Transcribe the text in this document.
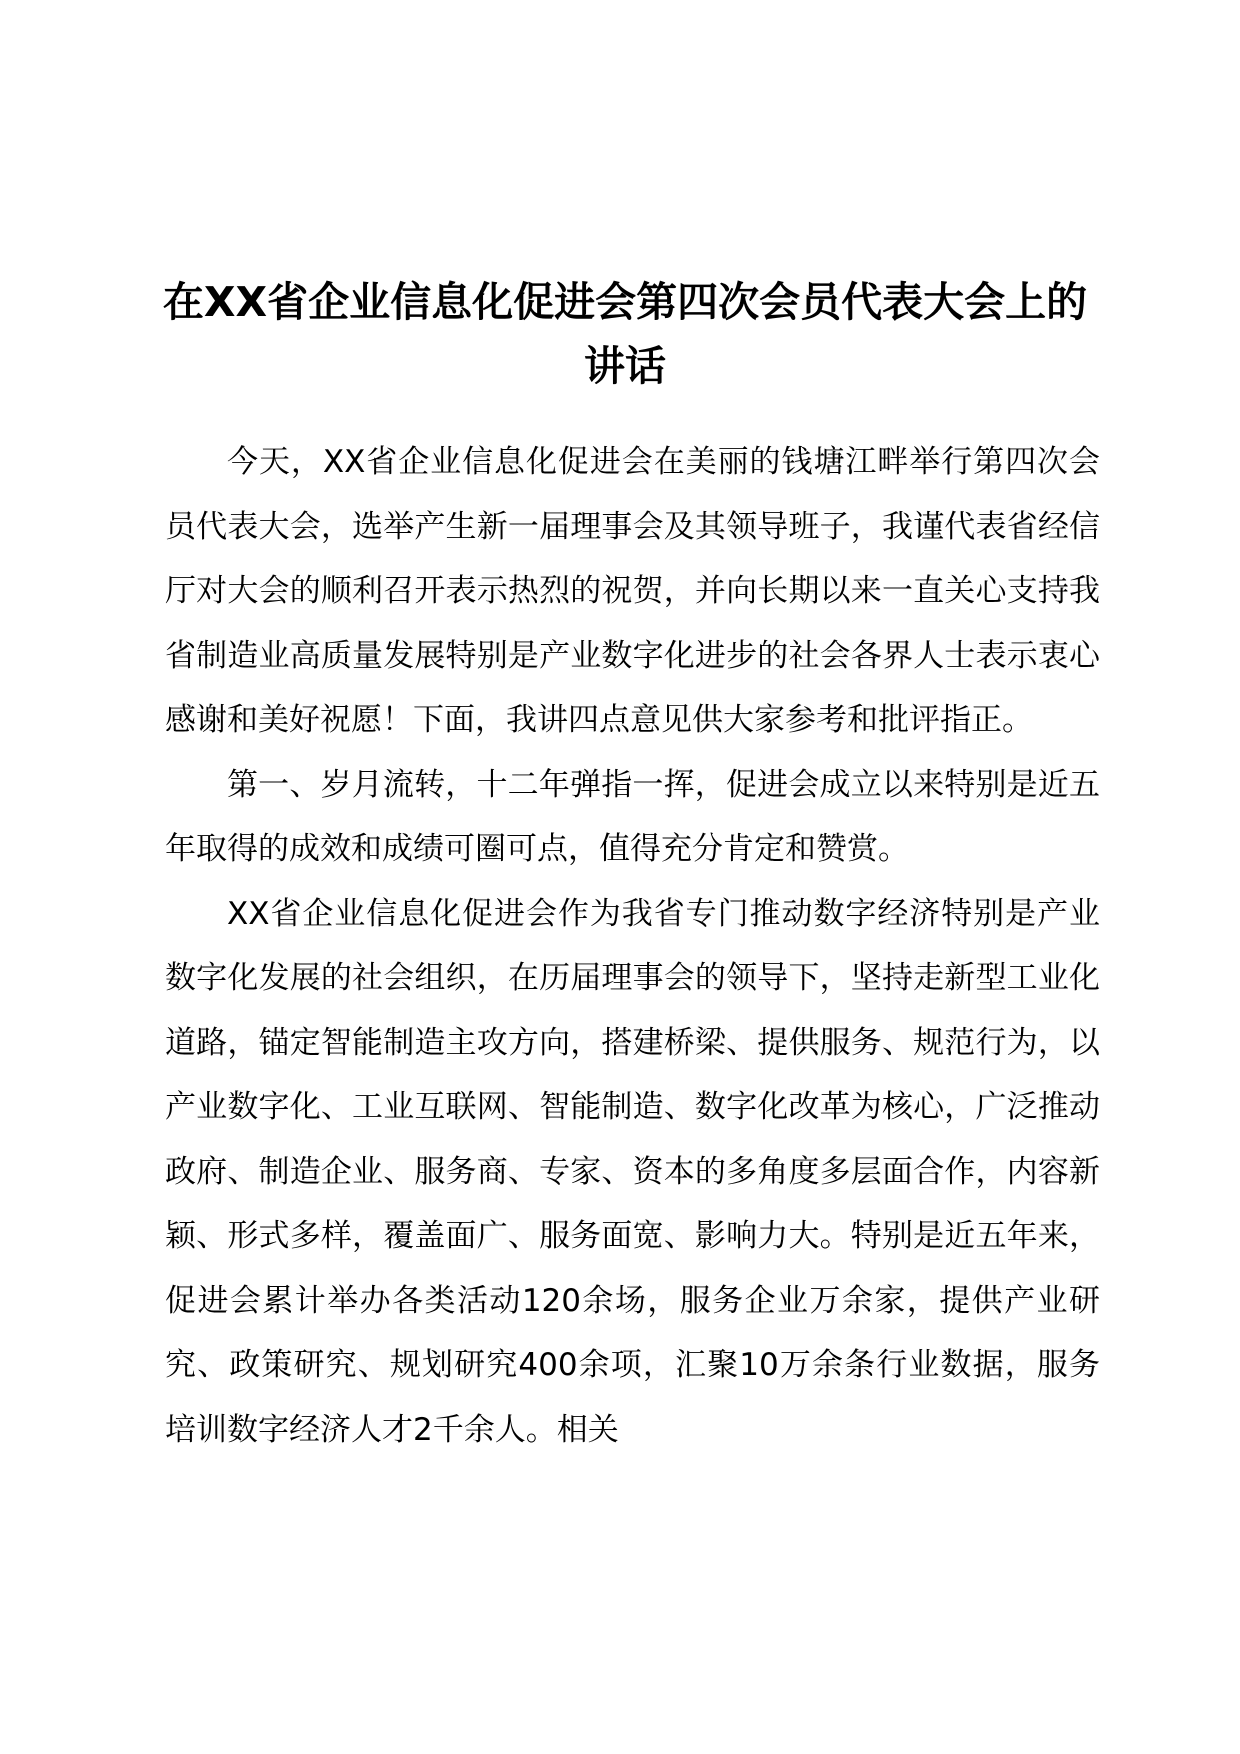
在XX省企业信息化促进会第四次会员代表大会上的讲话

今天，XX省企业信息化促进会在美丽的钱塘江畔举行第四次会员代表大会，选举产生新一届理事会及其领导班子，我谨代表省经信厅对大会的顺利召开表示热烈的祝贺，并向长期以来一直关心支持我省制造业高质量发展特别是产业数字化进步的社会各界人士表示衷心感谢和美好祝愿！下面，我讲四点意见供大家参考和批评指正。

第一、岁月流转，十二年弹指一挥，促进会成立以来特别是近五年取得的成效和成绩可圈可点，值得充分肯定和赞赏。

XX省企业信息化促进会作为我省专门推动数字经济特别是产业数字化发展的社会组织，在历届理事会的领导下，坚持走新型工业化道路，锚定智能制造主攻方向，搭建桥梁、提供服务、规范行为，以产业数字化、工业互联网、智能制造、数字化改革为核心，广泛推动政府、制造企业、服务商、专家、资本的多角度多层面合作，内容新颖、形式多样，覆盖面广、服务面宽、影响力大。特别是近五年来，促进会累计举办各类活动120余场，服务企业万余家，提供产业研究、政策研究、规划研究400余项，汇聚10万余条行业数据，服务培训数字经济人才2千余人。相关
